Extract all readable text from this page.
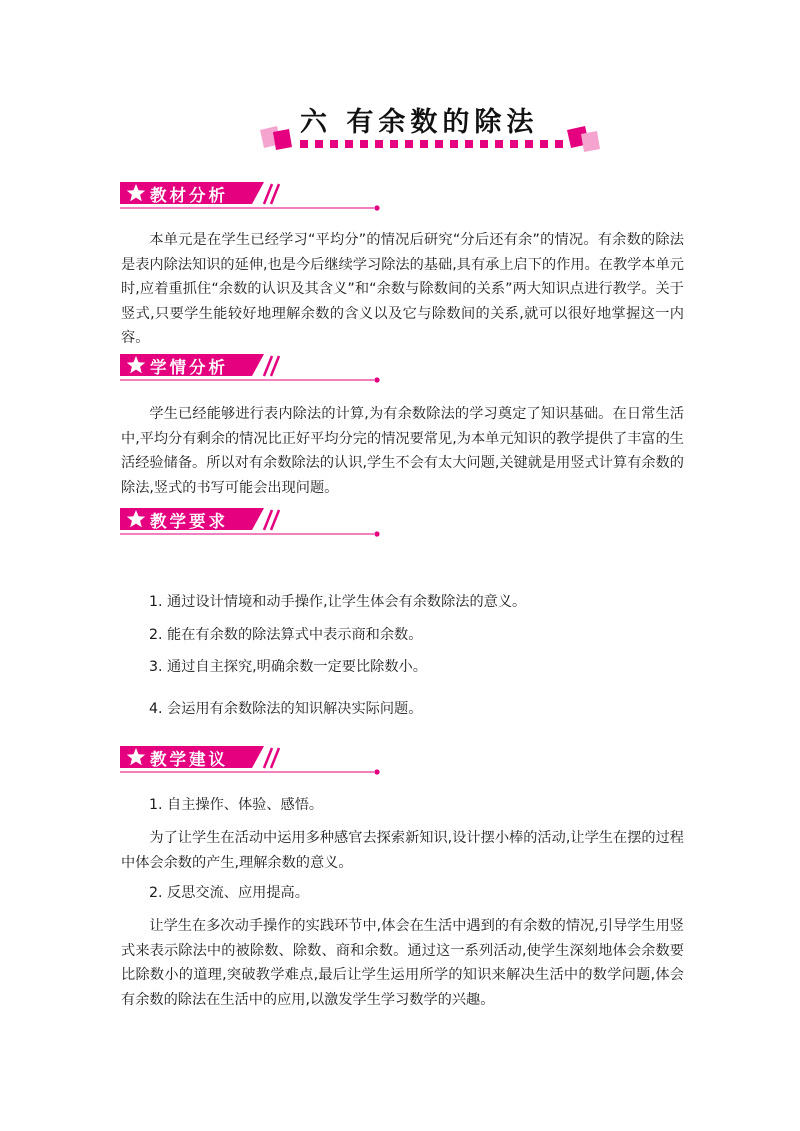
六 有余数的除法
教材分析

本单元是在学生已经学习“平均分”的情况后研究“分后还有余”的情况。有余数的除法是表内除法知识的延伸,也是今后继续学习除法的基础,具有承上启下的作用。在教学本单元时,应着重抓住“余数的认识及其含义”和“余数与除数间的关系”两大知识点进行教学。关于竖式,只要学生能较好地理解余数的含义以及它与除数间的关系,就可以很好地掌握这一内容。

学情分析

学生已经能够进行表内除法的计算,为有余数除法的学习奠定了知识基础。在日常生活中,平均分有剩余的情况比正好平均分完的情况要常见,为本单元知识的教学提供了丰富的生活经验储备。所以对有余数除法的认识,学生不会有太大问题,关键就是用竖式计算有余数的除法,竖式的书写可能会出现问题。

教学要求

1. 通过设计情境和动手操作,让学生体会有余数除法的意义。

2. 能在有余数的除法算式中表示商和余数。

3. 通过自主探究,明确余数一定要比除数小。

4. 会运用有余数除法的知识解决实际问题。

教学建议

1. 自主操作、体验、感悟。

为了让学生在活动中运用多种感官去探索新知识,设计摆小棒的活动,让学生在摆的过程中体会余数的产生,理解余数的意义。

2. 反思交流、应用提高。

让学生在多次动手操作的实践环节中,体会在生活中遇到的有余数的情况,引导学生用竖式来表示除法中的被除数、除数、商和余数。通过这一系列活动,使学生深刻地体会余数要比除数小的道理,突破教学难点,最后让学生运用所学的知识来解决生活中的数学问题,体会有余数的除法在生活中的应用,以激发学生学习数学的兴趣。
